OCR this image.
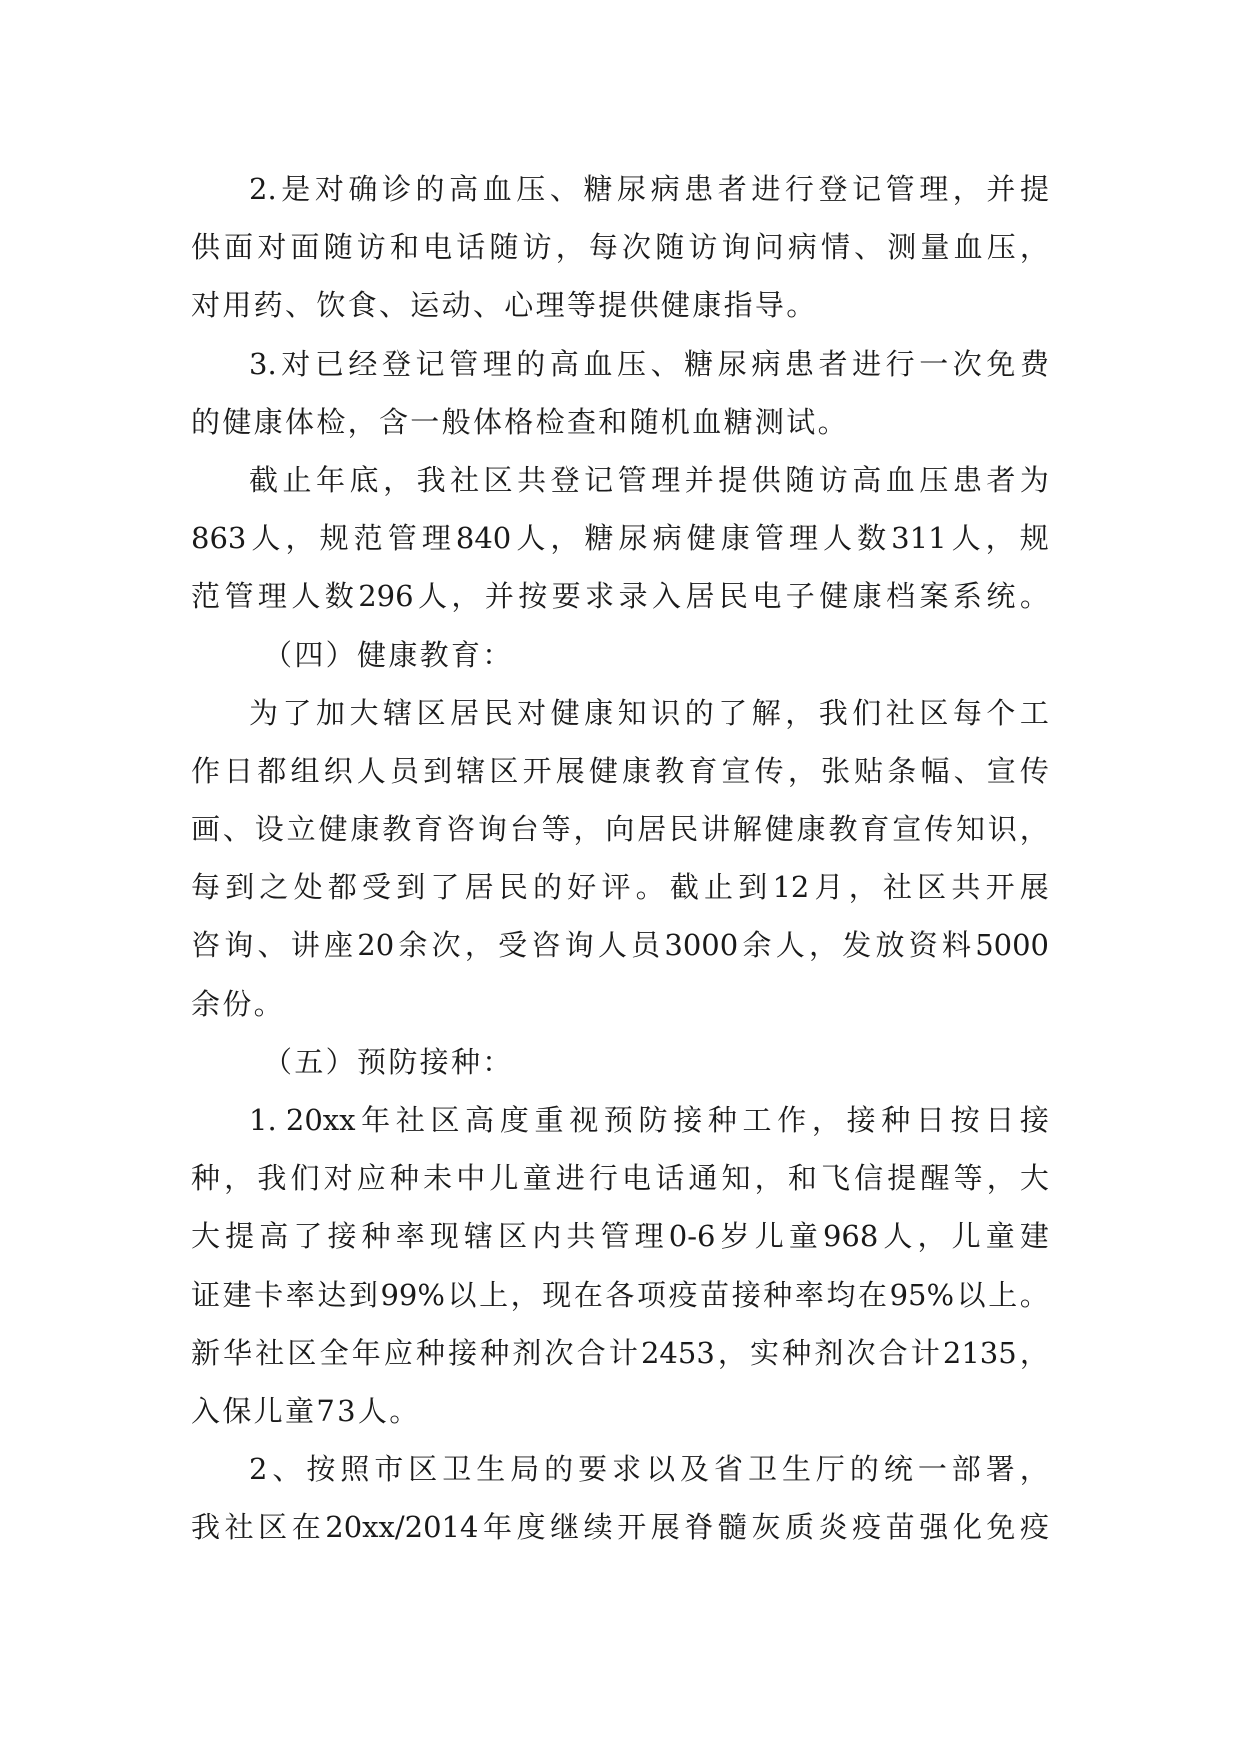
2. 是 对 确 诊 的 高 血 压 、 糖 尿 病 患 者 进 行 登 记 管 理 ， 并 提
供 面 对 面 随 访 和 电 话 随 访 ， 每 次 随 访 询 问 病 情 、 测 量 血 压 ，
对 用 药 、 饮 食 、 运 动 、 心 理 等 提 供 健 康 指 导 。
3. 对 已 经 登 记 管 理 的 高 血 压 、 糖 尿 病 患 者 进 行 一 次 免 费
的 健 康 体 检 ， 含 一 般 体 格 检 查 和 随 机 血 糖 测 试 。
截 止 年 底 ， 我 社 区 共 登 记 管 理 并 提 供 随 访 高 血 压 患 者 为
863 人 ， 规 范 管 理 840 人 ， 糖 尿 病 健 康 管 理 人 数 311 人 ， 规
范 管 理 人 数 296 人 ， 并 按 要 求 录 入 居 民 电 子 健 康 档 案 系 统 。
（ 四 ） 健 康 教 育 ：
为 了 加 大 辖 区 居 民 对 健 康 知 识 的 了 解 ， 我 们 社 区 每 个 工
作 日 都 组 织 人 员 到 辖 区 开 展 健 康 教 育 宣 传 ， 张 贴 条 幅 、 宣 传
画 、 设 立 健 康 教 育 咨 询 台 等 ， 向 居 民 讲 解 健 康 教 育 宣 传 知 识 ，
每 到 之 处 都 受 到 了 居 民 的 好 评 。 截 止 到 12 月 ， 社 区 共 开 展
咨 询 、 讲 座 20 余 次 ， 受 咨 询 人 员 3000 余 人 ， 发 放 资 料 5000
余 份 。
（ 五 ） 预 防 接 种 ：
1. 20xx 年 社 区 高 度 重 视 预 防 接 种 工 作 ， 接 种 日 按 日 接
种 ， 我 们 对 应 种 未 中 儿 童 进 行 电 话 通 知 ， 和 飞 信 提 醒 等 ， 大
大 提 高 了 接 种 率 现 辖 区 内 共 管 理 0-6 岁 儿 童 968 人 ， 儿 童 建
证 建 卡 率 达 到 99% 以 上 ， 现 在 各 项 疫 苗 接 种 率 均 在 95% 以 上 。
新 华 社 区 全 年 应 种 接 种 剂 次 合 计 2453 ， 实 种 剂 次 合 计 2135 ，
入 保 儿 童 73 人 。
2 、 按 照 市 区 卫 生 局 的 要 求 以 及 省 卫 生 厅 的 统 一 部 署 ，
我 社 区 在 20xx/2014 年 度 继 续 开 展 脊 髓 灰 质 炎 疫 苗 强 化 免 疫
